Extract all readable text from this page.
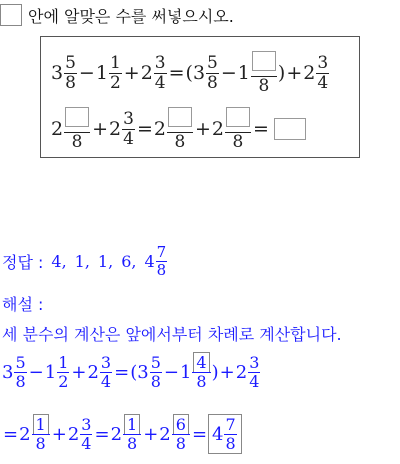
안에 알맞은 수를 써넣으시오.
$3 \frac{5}{8} - 1 \frac{1}{2} + 2 \frac{3}{4}$ = ( $3 \frac{5}{8} - 1$
8
) + $2 \frac{3}{4}$
2
8
+ $2 \frac{3}{4} = 2$
8
+ 2
8
=
정답 : 4, 1, 1, 6, $4 \frac{7}{8}$
해설 :
세 분수의 계산은 앞에서부터 차례로 계산합니다.
$3 \frac{5}{8} - 1 \frac{1}{2} + 2 \frac{3}{4}$ = ( $3 \frac{5}{8} - 1 \frac{4}{8}$ ) + $2 \frac{3}{4}$
= $2 \frac{1}{8} + 2 \frac{3}{4} = 2 \frac{1}{8} + 2 \frac{6}{8} = 4 \frac{7}{8}$
